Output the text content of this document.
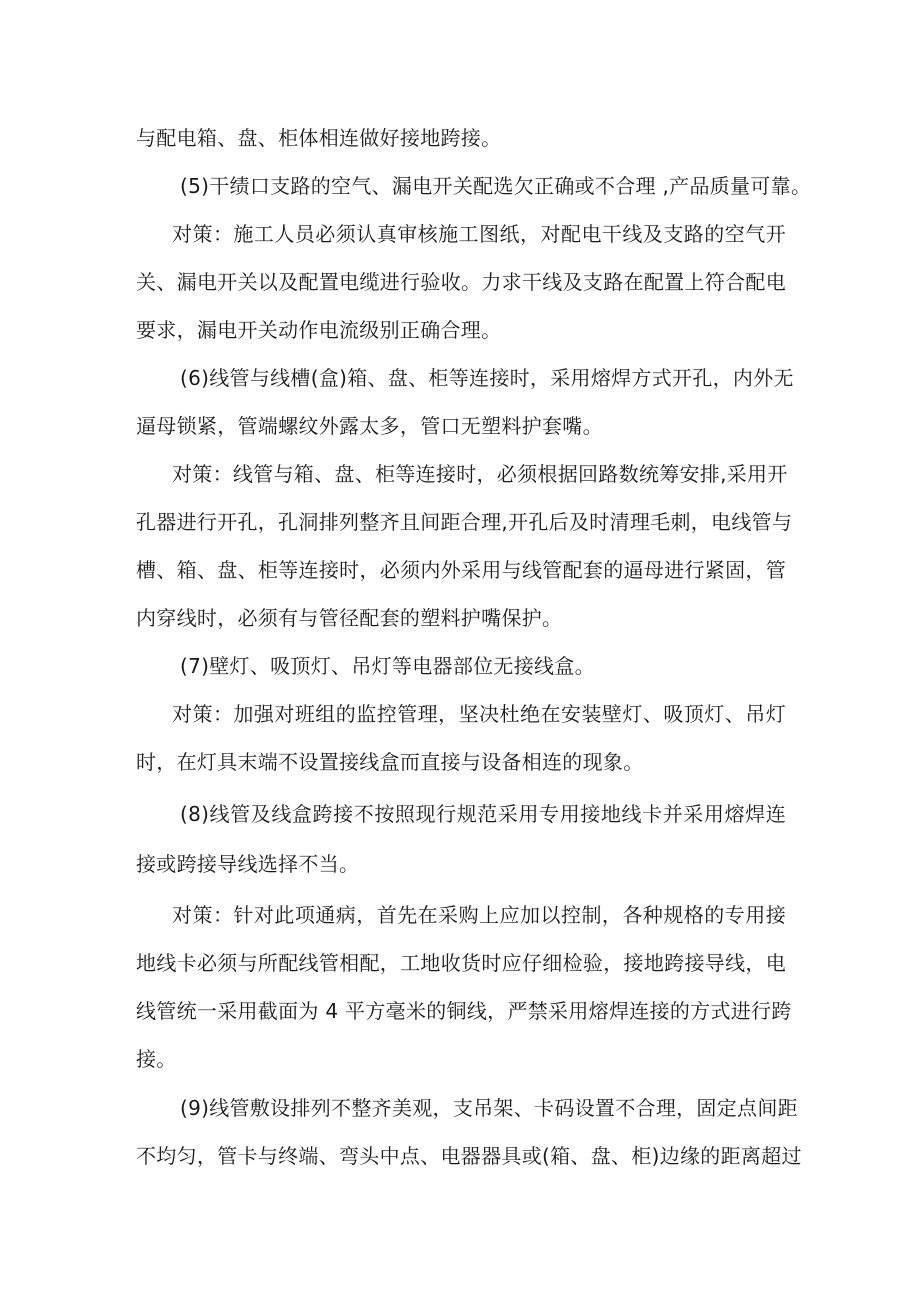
与配电箱、盘、柜体相连做好接地跨接。
(5)干绩口支路的空气、漏电开关配选欠正确或不合理 ,产品质量可靠。
对策：施工人员必须认真审核施工图纸，对配电干线及支路的空气开
关、漏电开关以及配置电缆进行验收。力求干线及支路在配置上符合配电
要求，漏电开关动作电流级别正确合理。
(6)线管与线槽(盒)箱、盘、柜等连接时，采用熔焊方式开孔，内外无
逼母锁紧，管端螺纹外露太多，管口无塑料护套嘴。
对策：线管与箱、盘、柜等连接时，必须根据回路数统筹安排,采用开
孔器进行开孔，孔洞排列整齐且间距合理,开孔后及时清理毛刺，电线管与
槽、箱、盘、柜等连接时，必须内外采用与线管配套的逼母进行紧固，管
内穿线时，必须有与管径配套的塑料护嘴保护。
(7)壁灯、吸顶灯、吊灯等电器部位无接线盒。
对策：加强对班组的监控管理，坚决杜绝在安装壁灯、吸顶灯、吊灯
时，在灯具末端不设置接线盒而直接与设备相连的现象。
(8)线管及线盒跨接不按照现行规范采用专用接地线卡并采用熔焊连
接或跨接导线选择不当。
对策：针对此项通病，首先在采购上应加以控制，各种规格的专用接
地线卡必须与所配线管相配，工地收货时应仔细检验，接地跨接导线，电
线管统一采用截面为 4 平方毫米的铜线，严禁采用熔焊连接的方式进行跨
接。
(9)线管敷设排列不整齐美观，支吊架、卡码设置不合理，固定点间距
不均匀，管卡与终端、弯头中点、电器器具或(箱、盘、柜)边缘的距离超过
